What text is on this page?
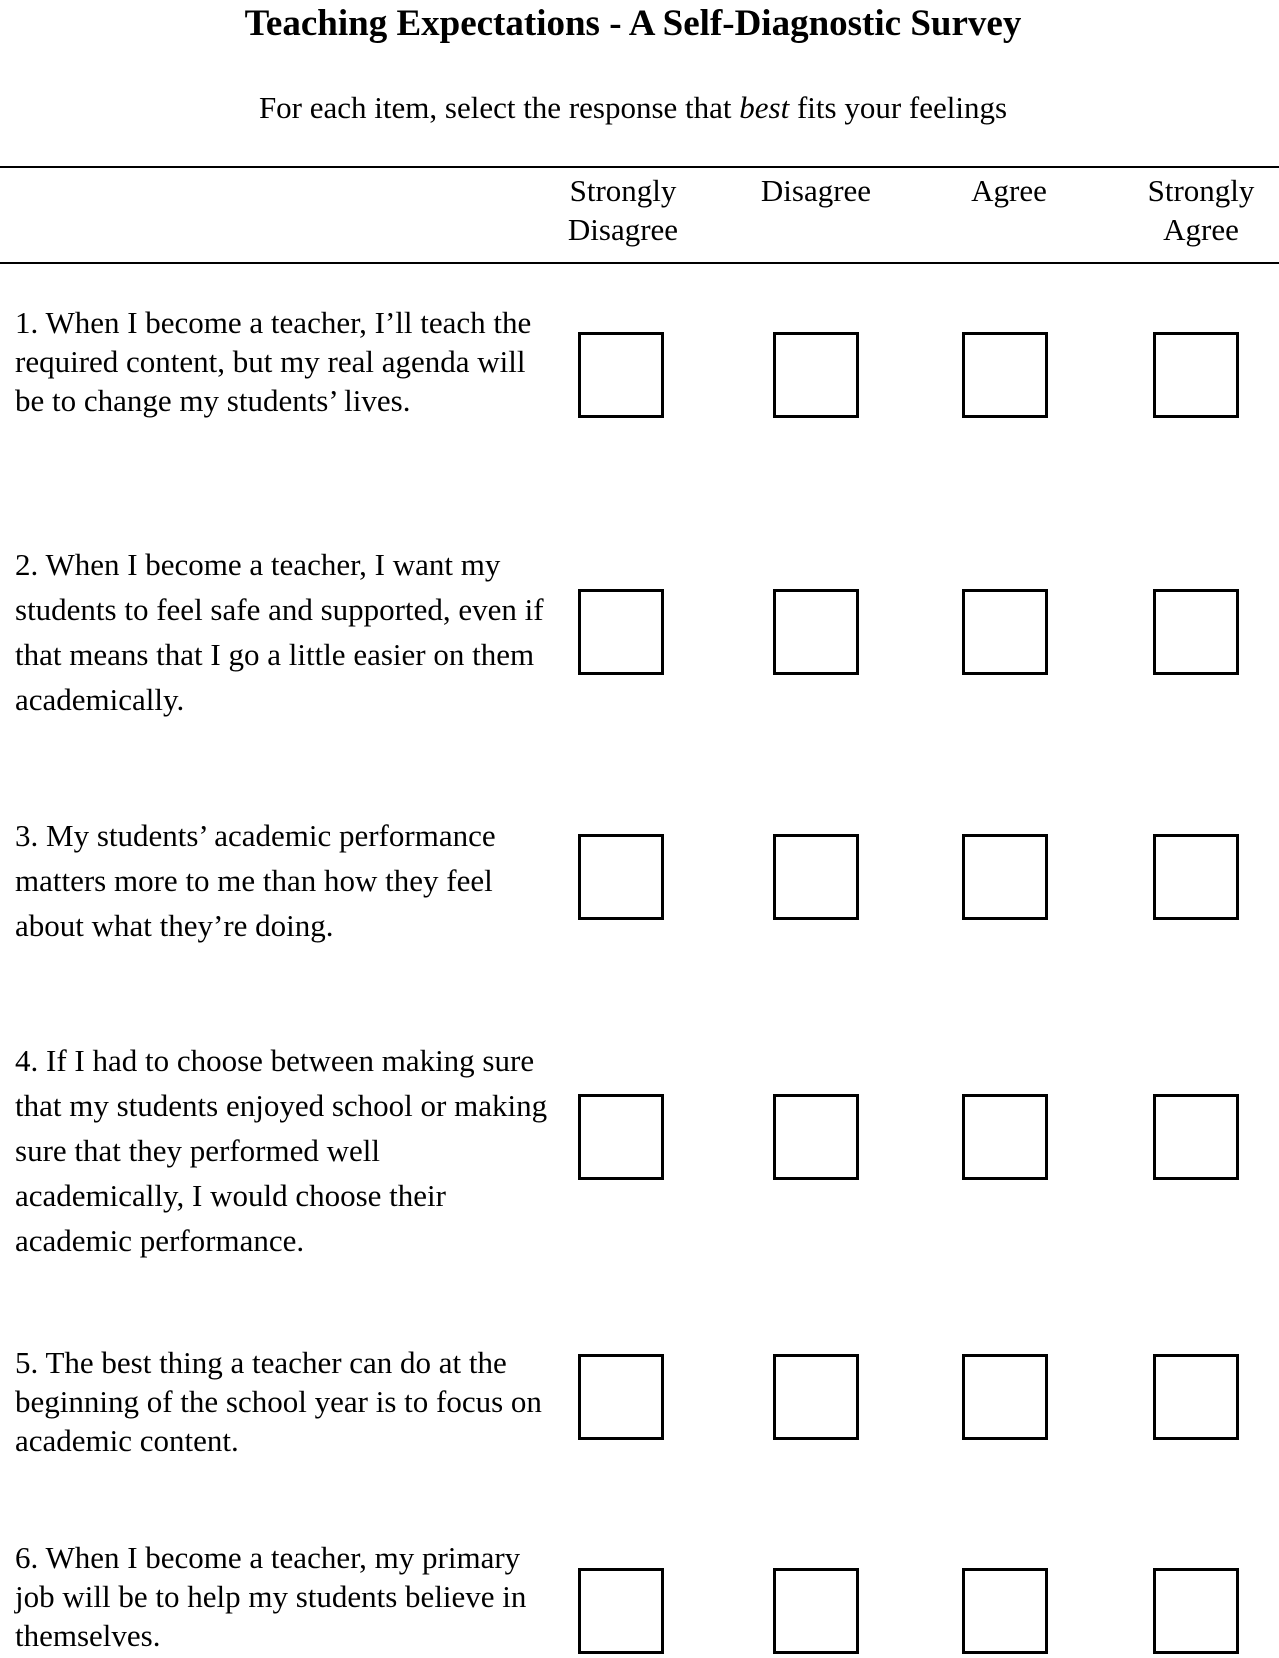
Teaching Expectations - A Self-Diagnostic Survey
For each item, select the response that best fits your feelings
Strongly
Disagree
Disagree	Agree	Strongly
Agree

1. When I become a teacher, I’ll teach the required content, but my real agenda will be to change my students’ lives.

2. When I become a teacher, I want my students to feel safe and supported, even if that means that I go a little easier on them academically.

3. My students’ academic performance matters more to me than how they feel about what they’re doing.

4. If I had to choose between making sure that my students enjoyed school or making sure that they performed well academically, I would choose their academic performance.

5. The best thing a teacher can do at the beginning of the school year is to focus on academic content.

6. When I become a teacher, my primary job will be to help my students believe in themselves.
